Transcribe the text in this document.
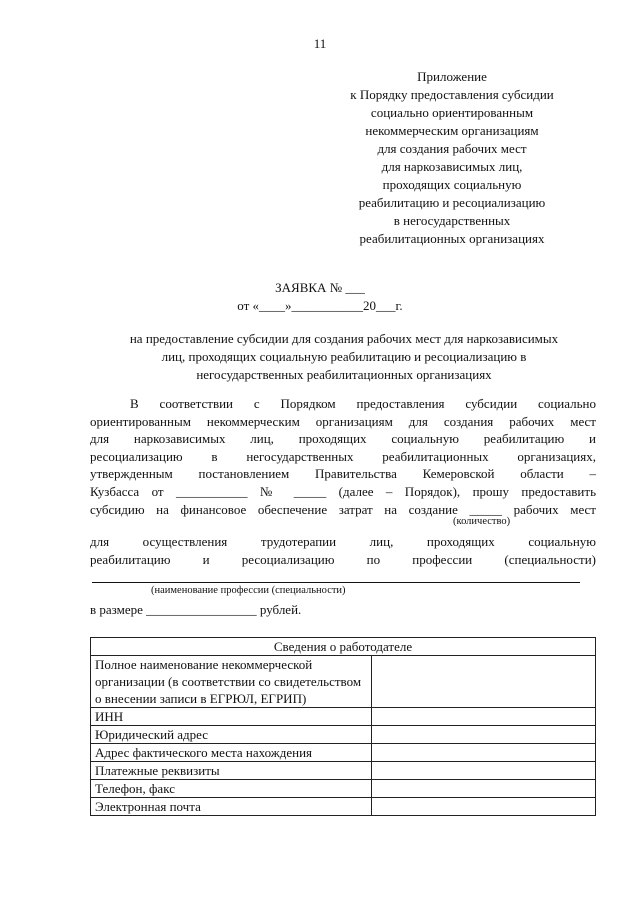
11
Приложение
к Порядку предоставления субсидии
социально ориентированным
некоммерческим организациям
для создания рабочих мест
для наркозависимых лиц,
проходящих социальную
реабилитацию и ресоциализацию
в негосударственных
реабилитационных организациях
ЗАЯВКА № ___
от «____»___________20___г.
на предоставление субсидии для создания рабочих мест для наркозависимых
лиц, проходящих социальную реабилитацию и ресоциализацию в
негосударственных реабилитационных организациях
В соответствии с Порядком предоставления субсидии социально
ориентированным некоммерческим организациям для создания рабочих мест
для наркозависимых лиц, проходящих социальную реабилитацию и
ресоциализацию в негосударственных реабилитационных организациях,
утвержденным постановлением Правительства Кемеровской области –
Кузбасса от ___________ № _____ (далее – Порядок), прошу предоставить
субсидию на финансовое обеспечение затрат на создание _____ рабочих мест
(количество)
для осуществления трудотерапии лиц, проходящих социальную
реабилитацию и ресоциализацию по профессии (специальности)
(наименование профессии (специальности)
в размере _________________ рублей.
Сведения о работодателе	
Полное наименование некоммерческой организации (в соответствии со свидетельством о внесении записи в ЕГРЮЛ, ЕГРИП)	
ИНН	
Юридический адрес	
Адрес фактического места нахождения	
Платежные реквизиты	
Телефон, факс	
Электронная почта	
